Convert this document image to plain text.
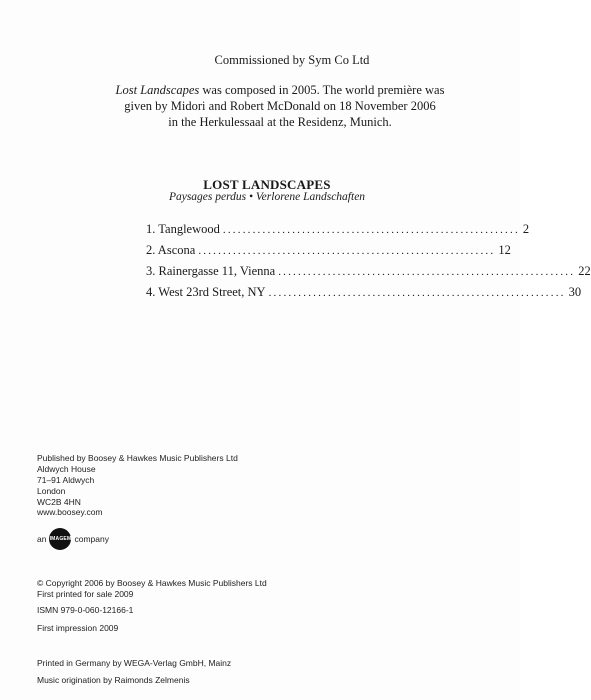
Commissioned by Sym Co Ltd
Lost Landscapes was composed in 2005. The world première was
given by Midori and Robert McDonald on 18 November 2006
in the Herkulessaal at the Residenz, Munich.
LOST LANDSCAPES
Paysages perdus • Verlorene Landschaften
1. Tanglewood ............................................................ 2
2. Ascona ............................................................ 12
3. Rainergasse 11, Vienna ............................................................ 22
4. West 23rd Street, NY ............................................................ 30
Published by Boosey & Hawkes Music Publishers Ltd
Aldwych House
71–91 Aldwych
London
WC2B 4HN
www.boosey.com
an IMAGEM company
© Copyright 2006 by Boosey & Hawkes Music Publishers Ltd
First printed for sale 2009
ISMN 979-0-060-12166-1
First impression 2009
Printed in Germany by WEGA-Verlag GmbH, Mainz
Music origination by Raimonds Zelmenis
